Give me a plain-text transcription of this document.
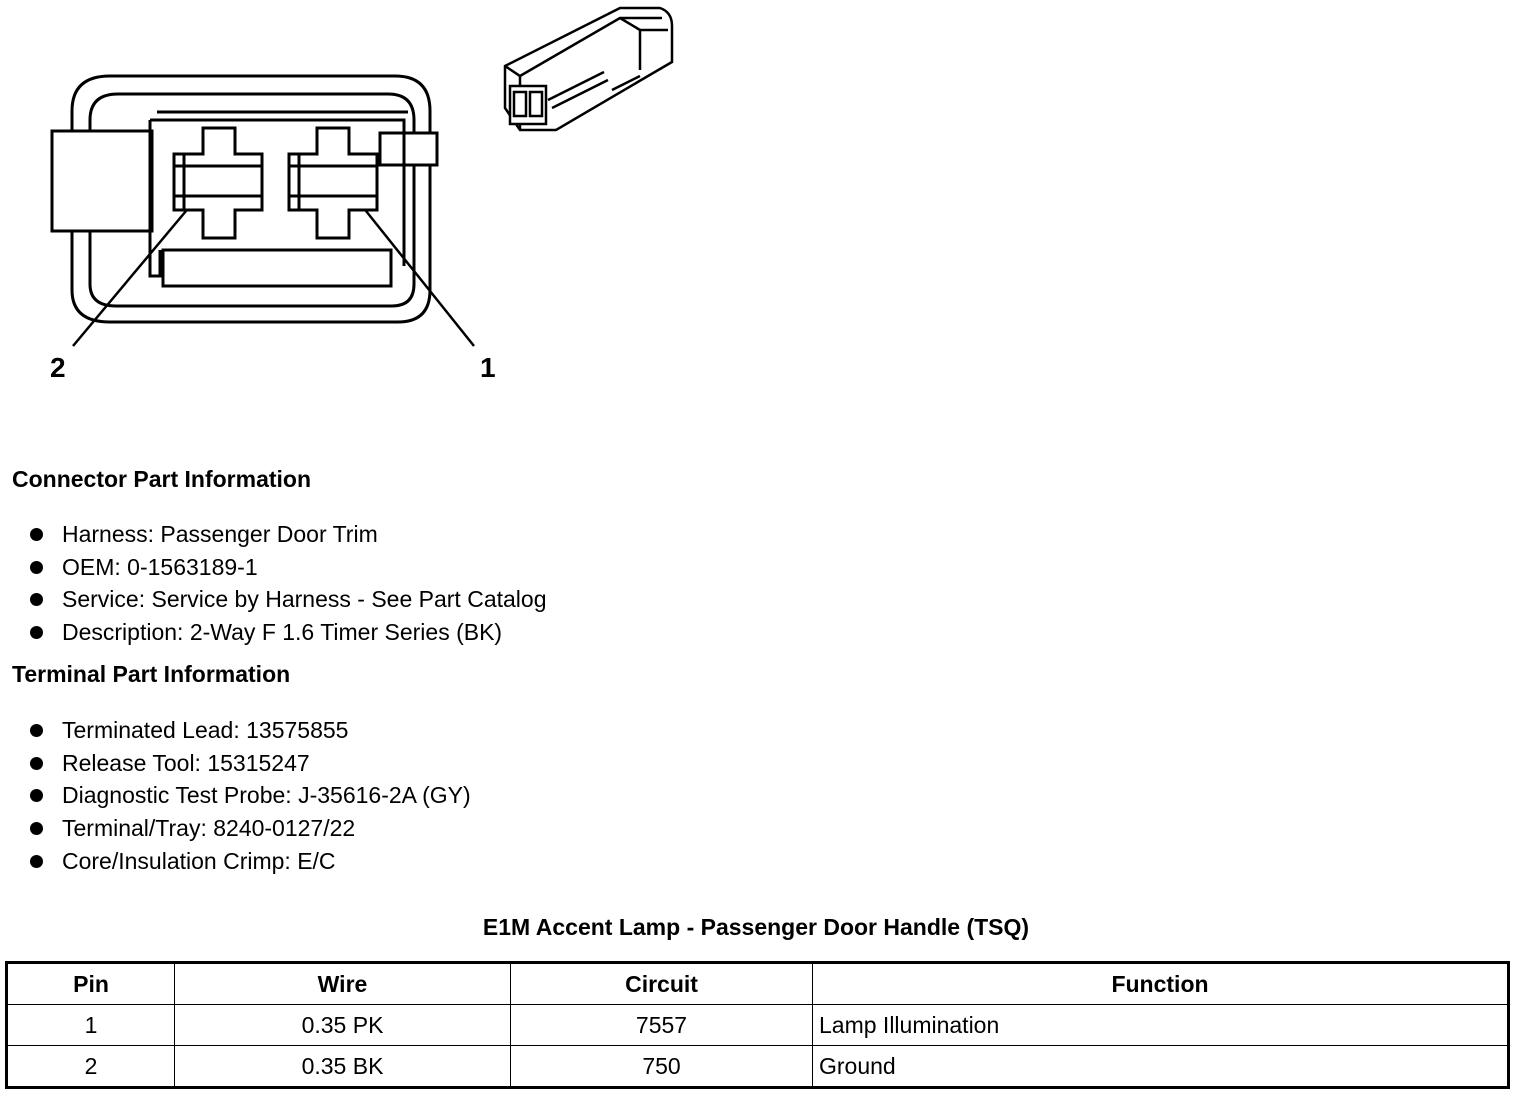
2	1
Connector Part Information
Harness: Passenger Door Trim
OEM: 0-1563189-1
Service: Service by Harness - See Part Catalog
Description: 2-Way F 1.6 Timer Series (BK)
Terminal Part Information
Terminated Lead: 13575855
Release Tool: 15315247
Diagnostic Test Probe: J-35616-2A (GY)
Terminal/Tray: 8240-0127/22
Core/Insulation Crimp: E/C
E1M Accent Lamp - Passenger Door Handle (TSQ)
Pin	Wire	Circuit	Function
1	0.35 PK	7557	Lamp Illumination
2	0.35 BK	750	Ground
